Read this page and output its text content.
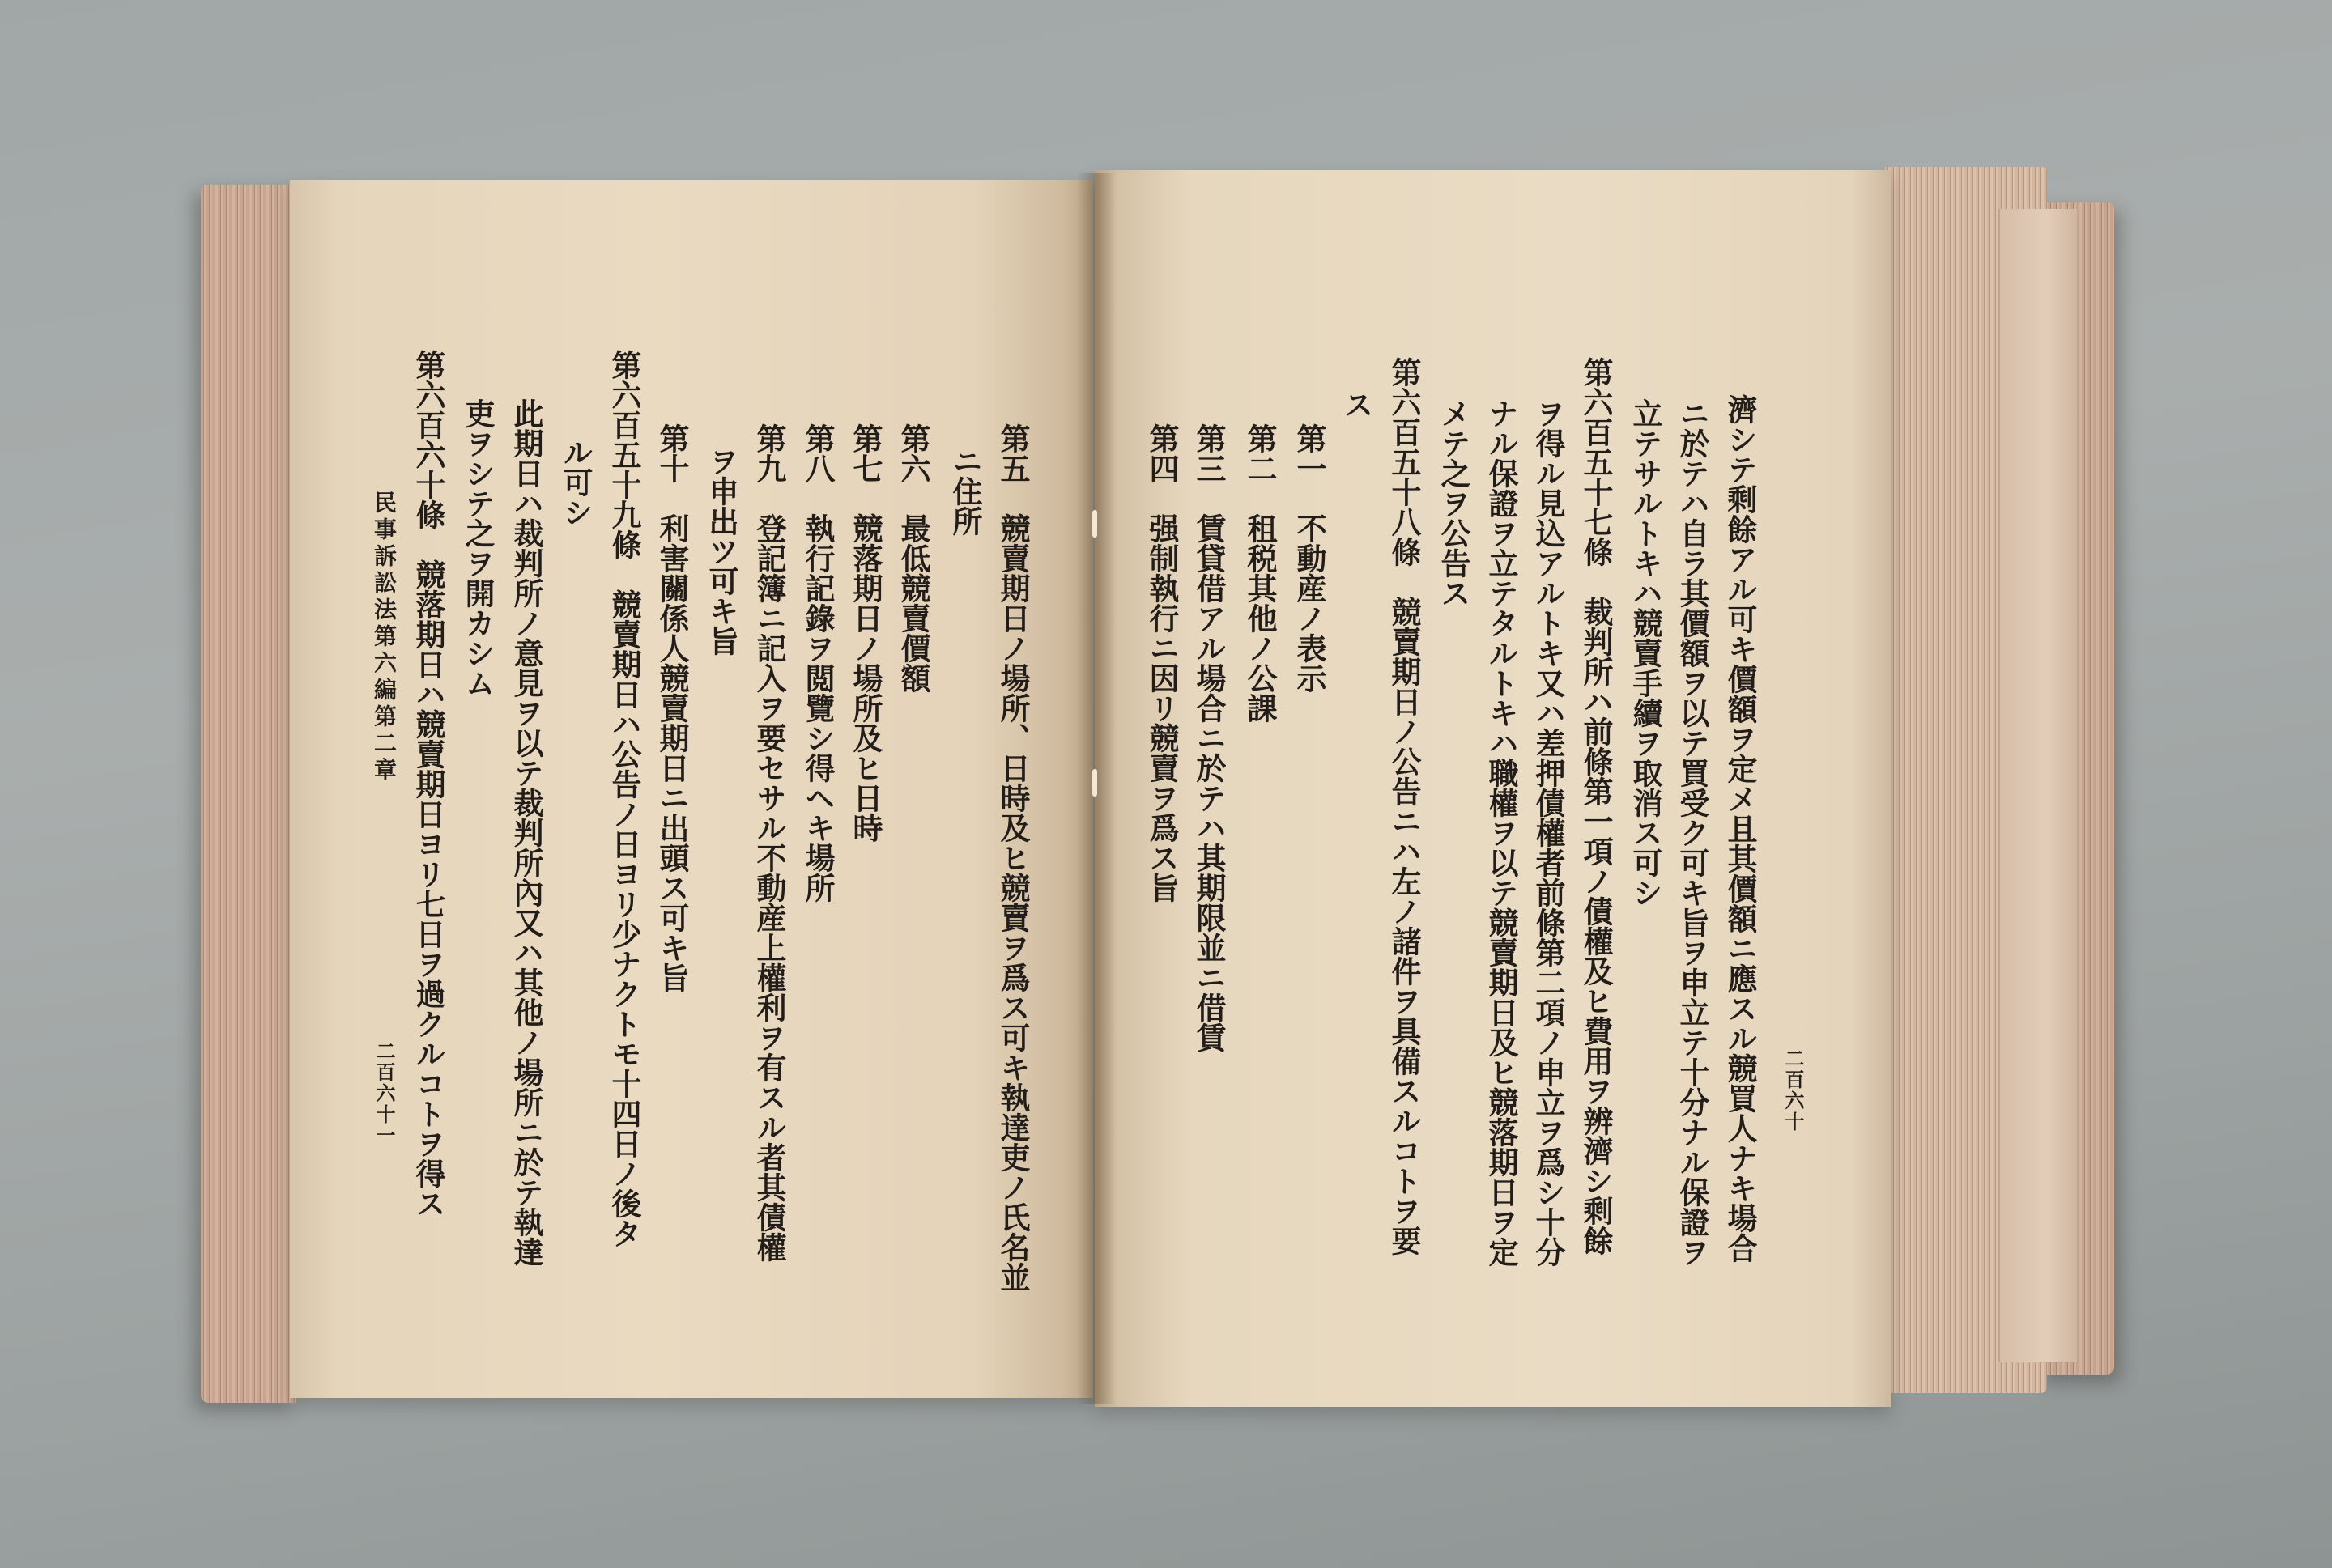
第五　競賣期日ノ場所、日時及ヒ競賣ヲ爲ス可キ執達吏ノ氏名並
ニ住所
第六　最低競賣價額
第七　競落期日ノ場所及ヒ日時
第八　執行記錄ヲ閲覽シ得ヘキ場所
第九　登記簿ニ記入ヲ要セサル不動産上權利ヲ有スル者其債權
ヲ申出ツ可キ旨
第十　利害關係人競賣期日ニ出頭ス可キ旨
第六百五十九條　競賣期日ハ公告ノ日ヨリ少ナクトモ十四日ノ後タ
ル可シ
此期日ハ裁判所ノ意見ヲ以テ裁判所內又ハ其他ノ場所ニ於テ執達
吏ヲシテ之ヲ開カシム
第六百六十條　競落期日ハ競賣期日ヨリ七日ヲ過クルコトヲ得ス
民事訴訟法第六編第二章
二百六十一	二百六十
濟シテ剩餘アル可キ價額ヲ定メ且其價額ニ應スル競買人ナキ場合
ニ於テハ自ラ其價額ヲ以テ買受ク可キ旨ヲ申立テ十分ナル保證ヲ
立テサルトキハ競賣手續ヲ取消ス可シ
第六百五十七條　裁判所ハ前條第一項ノ債權及ヒ費用ヲ辨濟シ剩餘
ヲ得ル見込アルトキ又ハ差押債權者前條第二項ノ申立ヲ爲シ十分
ナル保證ヲ立テタルトキハ職權ヲ以テ競賣期日及ヒ競落期日ヲ定
メテ之ヲ公告ス
第六百五十八條　競賣期日ノ公告ニハ左ノ諸件ヲ具備スルコトヲ要
ス
第一　不動産ノ表示
第二　租税其他ノ公課
第三　賃貸借アル場合ニ於テハ其期限並ニ借賃
第四　强制執行ニ因リ競賣ヲ爲ス旨
